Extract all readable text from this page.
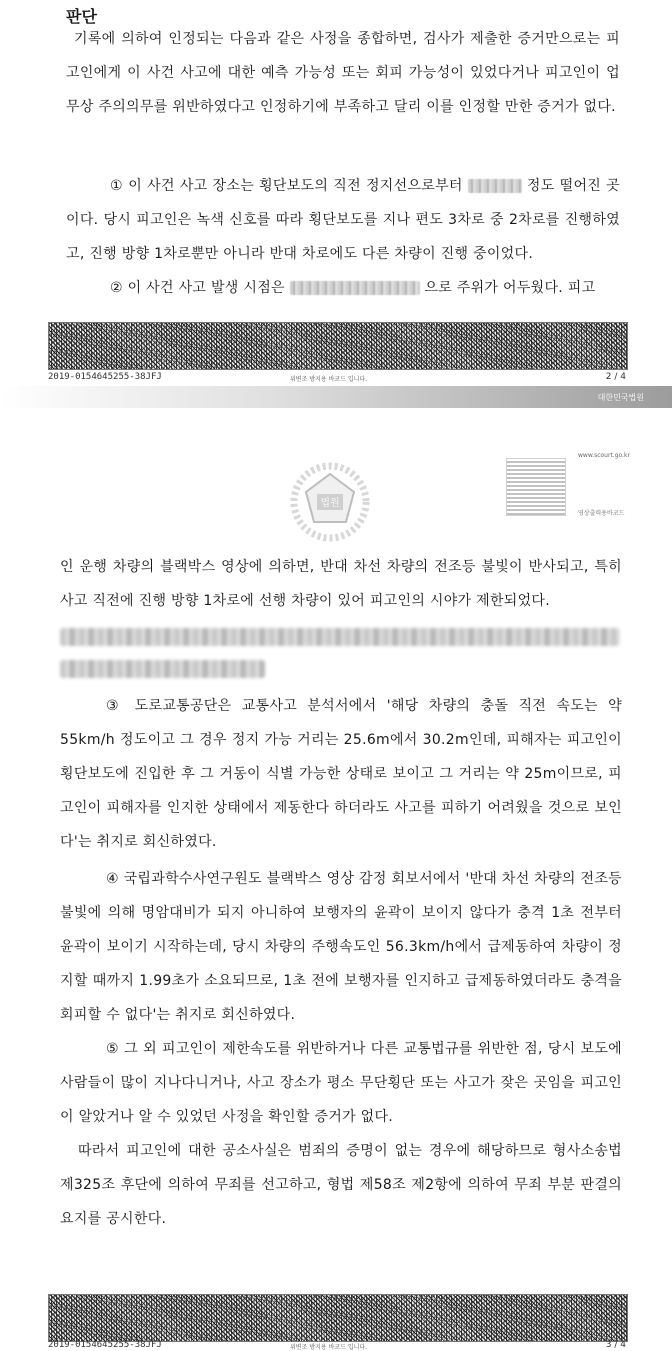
판단

기록에 의하여 인정되는 다음과 같은 사정을 종합하면, 검사가 제출한 증거만으로는 피고인에게 이 사건 사고에 대한 예측 가능성 또는 회피 가능성이 있었다거나 피고인이 업무상 주의의무를 위반하였다고 인정하기에 부족하고 달리 이를 인정할 만한 증거가 없다.

① 이 사건 사고 장소는 횡단보도의 직전 정지선으로부터	정도 떨어진 곳이다. 당시 피고인은 녹색 신호를 따라 횡단보도를 지나 편도 3차로 중 2차로를 진행하였고, 진행 방향 1차로뿐만 아니라 반대 차로에도 다른 차량이 진행 중이었다.

② 이 사건 사고 발생 시점은	으로 주위가 어두웠다. 피고

2019-0154645255-38JFJ	위변조 방지용 바코드 입니다.	2 / 4
대한민국법원
www.scourt.go.kr
영상출력용바코드
법원

인 운행 차량의 블랙박스 영상에 의하면, 반대 차선 차량의 전조등 불빛이 반사되고, 특히 사고 직전에 진행 방향 1차로에 선행 차량이 있어 피고인의 시야가 제한되었다.

③ 도로교통공단은 교통사고 분석서에서 '해당 차량의 충돌 직전 속도는 약 55km/h 정도이고 그 경우 정지 가능 거리는 25.6m에서 30.2m인데, 피해자는 피고인이 횡단보도에 진입한 후 그 거동이 식별 가능한 상태로 보이고 그 거리는 약 25m이므로, 피고인이 피해자를 인지한 상태에서 제동한다 하더라도 사고를 피하기 어려웠을 것으로 보인다'는 취지로 회신하였다.

④ 국립과학수사연구원도 블랙박스 영상 감정 회보서에서 '반대 차선 차량의 전조등 불빛에 의해 명암대비가 되지 아니하여 보행자의 윤곽이 보이지 않다가 충격 1초 전부터 윤곽이 보이기 시작하는데, 당시 차량의 주행속도인 56.3km/h에서 급제동하여 차량이 정지할 때까지 1.99초가 소요되므로, 1초 전에 보행자를 인지하고 급제동하였더라도 충격을 회피할 수 없다'는 취지로 회신하였다.

⑤ 그 외 피고인이 제한속도를 위반하거나 다른 교통법규를 위반한 점, 당시 보도에 사람들이 많이 지나다니거나, 사고 장소가 평소 무단횡단 또는 사고가 잦은 곳임을 피고인이 알았거나 알 수 있었던 사정을 확인할 증거가 없다.

따라서 피고인에 대한 공소사실은 범죄의 증명이 없는 경우에 해당하므로 형사소송법 제325조 후단에 의하여 무죄를 선고하고, 형법 제58조 제2항에 의하여 무죄 부분 판결의 요지를 공시한다.

2019-0154645255-38JFJ	위변조 방지용 바코드 입니다.	3 / 4
